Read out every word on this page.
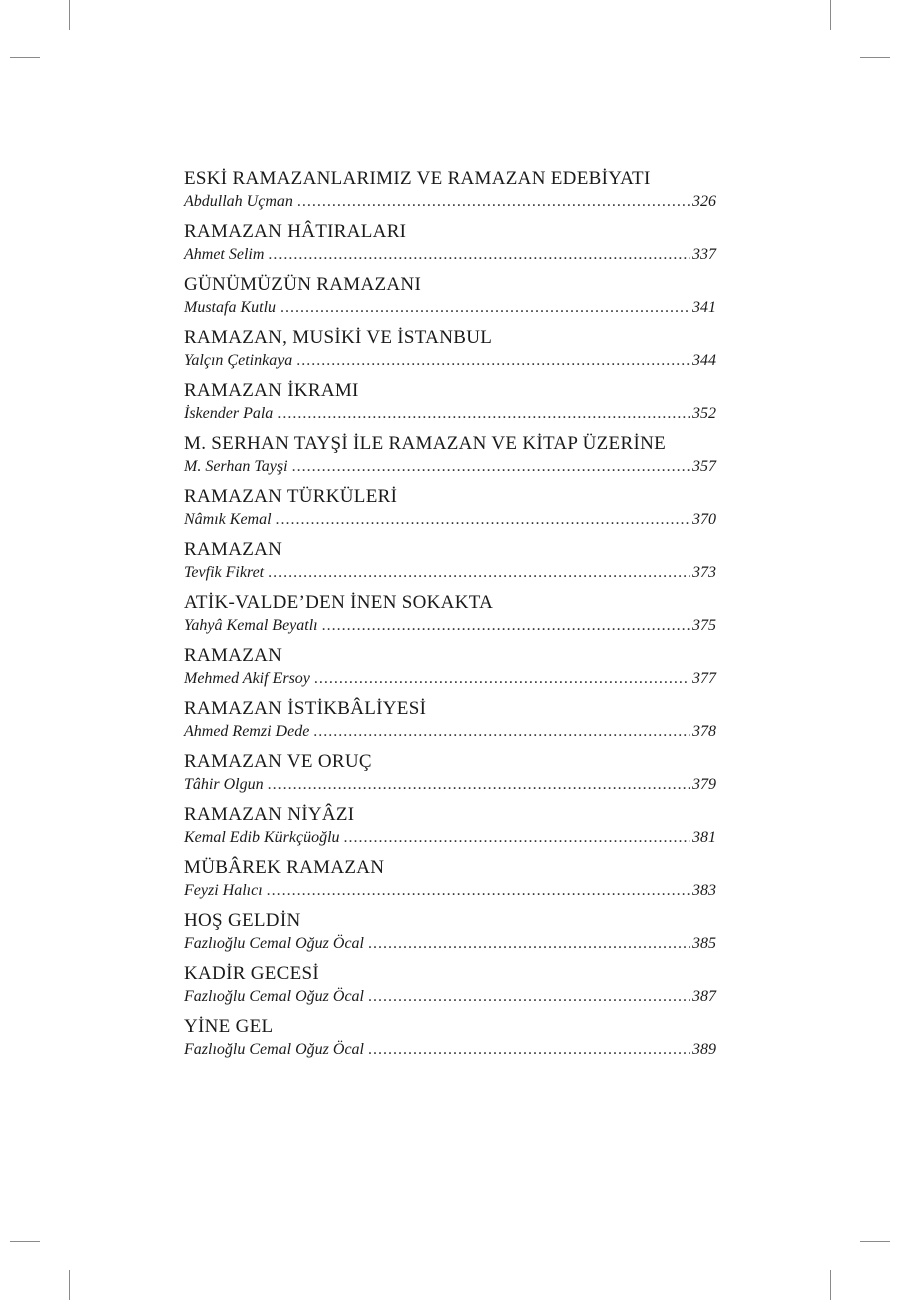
ESKİ RAMAZANLARIMIZ VE RAMAZAN EDEBİYATI
Abdullah Uçman .....	326
RAMAZAN HÂTIRALARI
Ahmet Selim .....	337
GÜNÜMÜZÜN RAMAZANI
Mustafa Kutlu .....	341
RAMAZAN, MUSİKİ VE İSTANBUL
Yalçın Çetinkaya .....	344
RAMAZAN İKRAMI
İskender Pala .....	352
M. SERHAN TAYŞİ İLE RAMAZAN VE KİTAP ÜZERİNE
M. Serhan Tayşi .....	357
RAMAZAN TÜRKÜLERİ
Nâmık Kemal .....	370
RAMAZAN
Tevfik Fikret .....	373
ATİK-VALDE’DEN İNEN SOKAKTA
Yahyâ Kemal Beyatlı .....	375
RAMAZAN
Mehmed Akif Ersoy .....	377
RAMAZAN İSTİKBÂLİYESİ
Ahmed Remzi Dede .....	378
RAMAZAN VE ORUÇ
Tâhir Olgun .....	379
RAMAZAN NİYÂZI
Kemal Edib Kürkçüoğlu .....	381
MÜBÂREK RAMAZAN
Feyzi Halıcı .....	383
HOŞ GELDİN
Fazlıoğlu Cemal Oğuz Öcal .....	385
KADİR GECESİ
Fazlıoğlu Cemal Oğuz Öcal .....	387
YİNE GEL
Fazlıoğlu Cemal Oğuz Öcal .....	389
